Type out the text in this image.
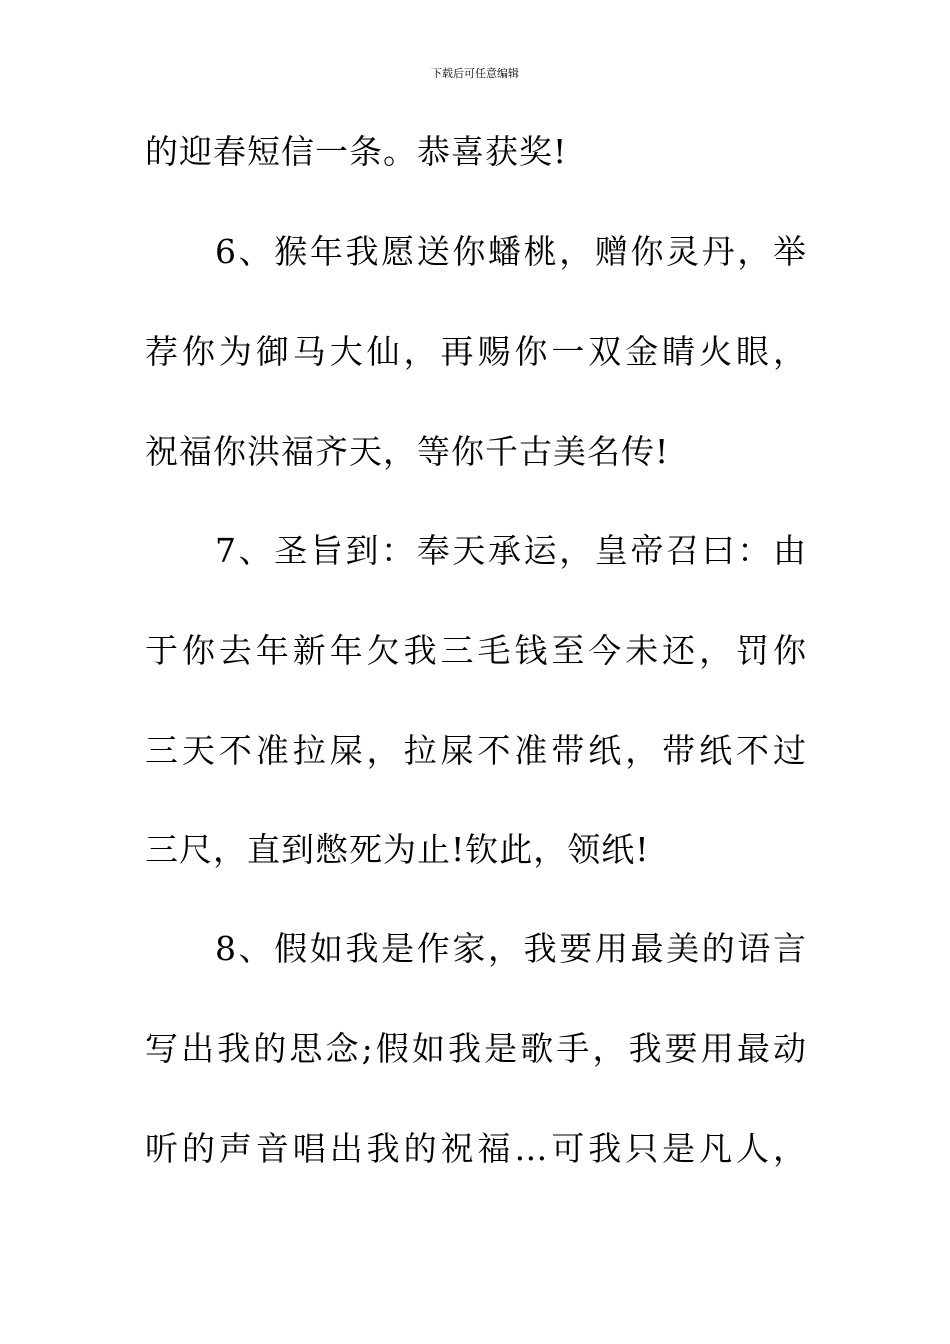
下载后可任意编辑
的迎春短信一条。恭喜获奖!
6、猴年我愿送你蟠桃，赠你灵丹，举
荐你为御马大仙，再赐你一双金睛火眼，
祝福你洪福齐天，等你千古美名传!
7、圣旨到：奉天承运，皇帝召曰：由
于你去年新年欠我三毛钱至今未还，罚你
三天不准拉屎，拉屎不准带纸，带纸不过
三尺，直到憋死为止!钦此，领纸!
8、假如我是作家，我要用最美的语言
写出我的思念;假如我是歌手，我要用最动
听的声音唱出我的祝福…可我只是凡人，
